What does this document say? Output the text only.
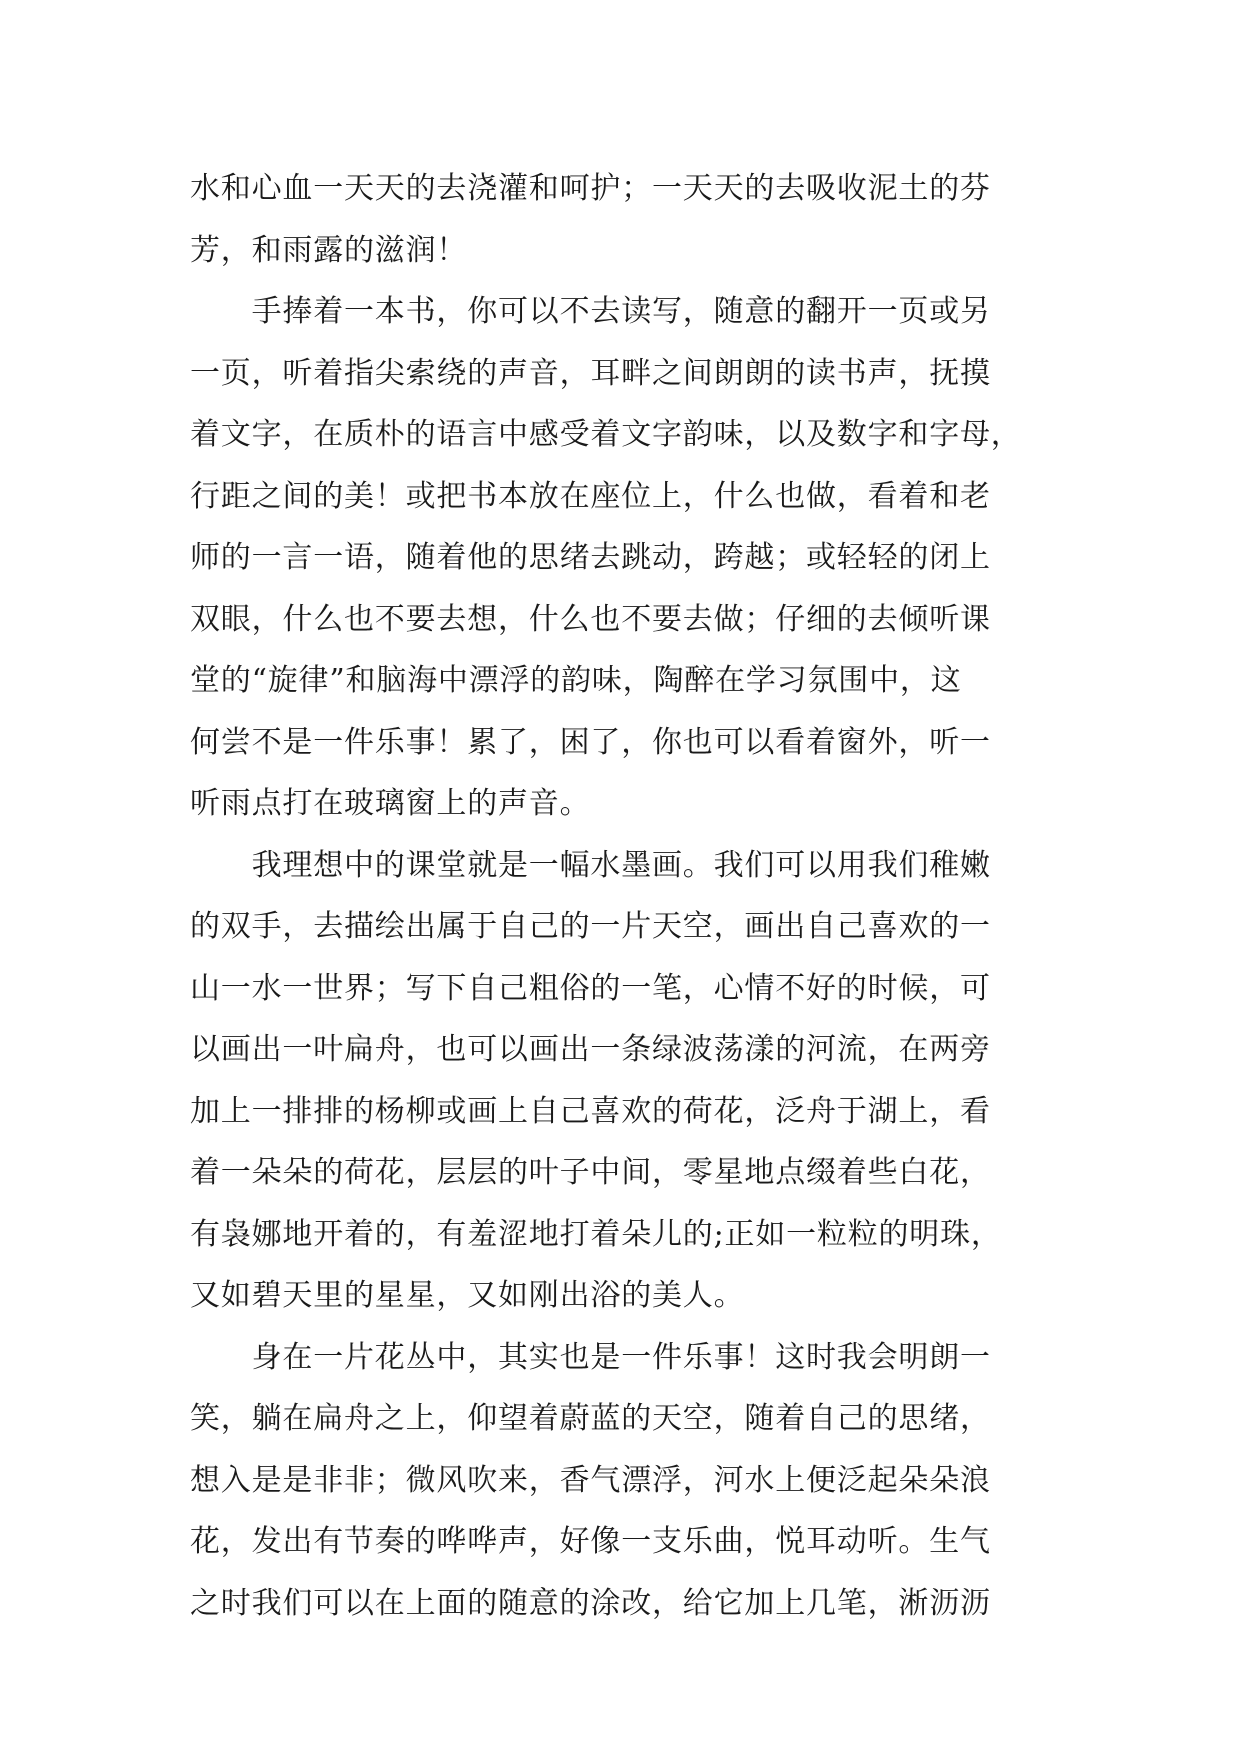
水和心血一天天的去浇灌和呵护；一天天的去吸收泥土的芬
芳，和雨露的滋润！
　　手捧着一本书，你可以不去读写，随意的翻开一页或另
一页，听着指尖索绕的声音，耳畔之间朗朗的读书声，抚摸
着文字，在质朴的语言中感受着文字韵味，以及数字和字母，
行距之间的美！或把书本放在座位上，什么也做，看着和老
师的一言一语，随着他的思绪去跳动，跨越；或轻轻的闭上
双眼，什么也不要去想，什么也不要去做；仔细的去倾听课
堂的“旋律”和脑海中漂浮的韵味，陶醉在学习氛围中，这
何尝不是一件乐事！累了，困了，你也可以看着窗外，听一
听雨点打在玻璃窗上的声音。
　　我理想中的课堂就是一幅水墨画。我们可以用我们稚嫩
的双手，去描绘出属于自己的一片天空，画出自己喜欢的一
山一水一世界；写下自己粗俗的一笔，心情不好的时候，可
以画出一叶扁舟，也可以画出一条绿波荡漾的河流，在两旁
加上一排排的杨柳或画上自己喜欢的荷花，泛舟于湖上，看
着一朵朵的荷花，层层的叶子中间，零星地点缀着些白花，
有袅娜地开着的，有羞涩地打着朵儿的;正如一粒粒的明珠，
又如碧天里的星星，又如刚出浴的美人。
　　身在一片花丛中，其实也是一件乐事！这时我会明朗一
笑，躺在扁舟之上，仰望着蔚蓝的天空，随着自己的思绪，
想入是是非非；微风吹来，香气漂浮，河水上便泛起朵朵浪
花，发出有节奏的哗哗声，好像一支乐曲，悦耳动听。生气
之时我们可以在上面的随意的涂改，给它加上几笔，淅沥沥
